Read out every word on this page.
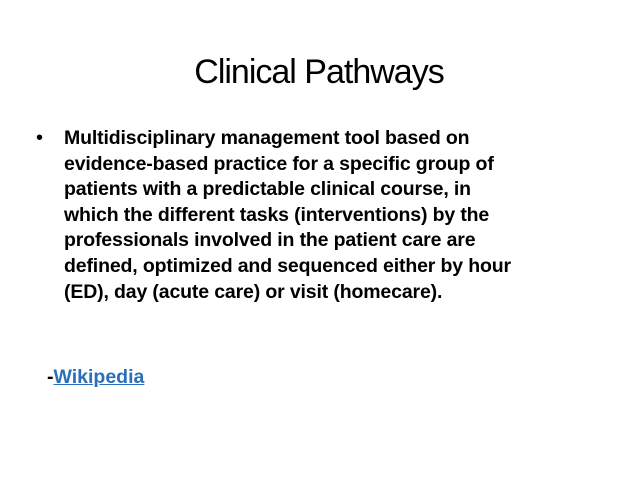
Clinical Pathways
•	Multidisciplinary management tool based on
evidence-based practice for a specific group of
patients with a predictable clinical course, in
which the different tasks (interventions) by the
professionals involved in the patient care are
defined, optimized and sequenced either by hour
(ED), day (acute care) or visit (homecare).

-Wikipedia
